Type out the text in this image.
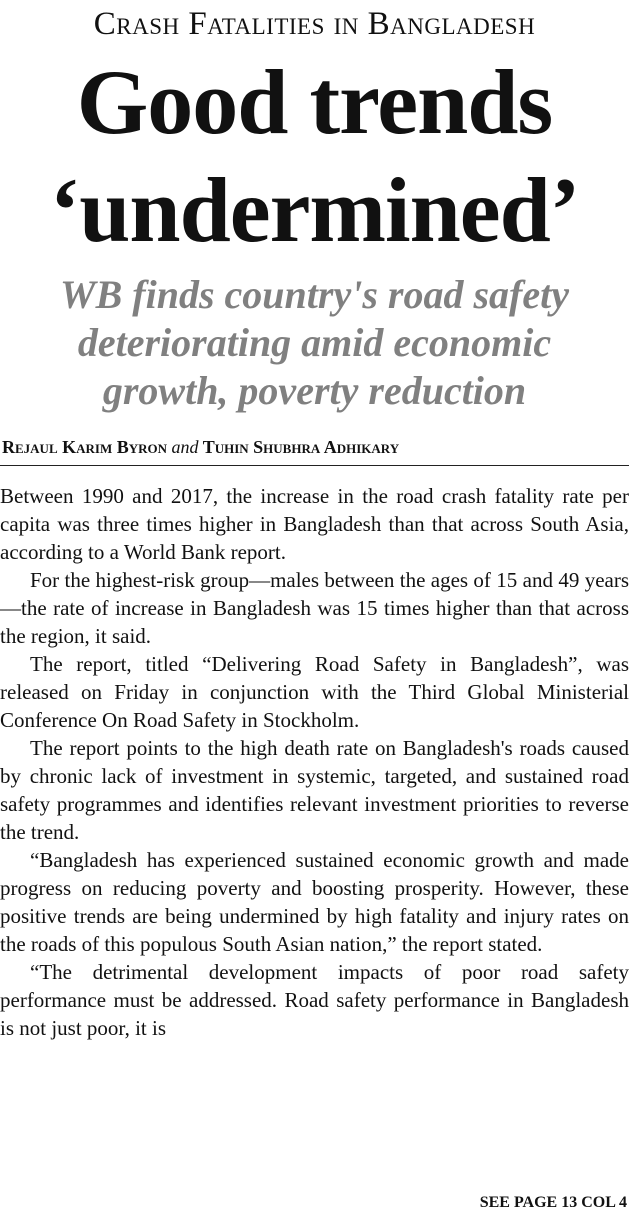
Crash Fatalities in Bangladesh
Good trends
‘undermined’
WB finds country's road safety
deteriorating amid economic
growth, poverty reduction
Rejaul Karim Byron and Tuhin Shubhra Adhikary

Between 1990 and 2017, the increase in the road crash fatality rate per capita was three times higher in Bangladesh than that across South Asia, according to a World Bank report.

For the highest-risk group—males between the ages of 15 and 49 years—the rate of increase in Bangladesh was 15 times higher than that across the region, it said.

The report, titled “Delivering Road Safety in Bangladesh”, was released on Friday in conjunction with the Third Global Ministerial Conference On Road Safety in Stockholm.

The report points to the high death rate on Bangladesh's roads caused by chronic lack of investment in systemic, targeted, and sustained road safety programmes and identifies relevant investment priorities to reverse the trend.

“Bangladesh has experienced sustained economic growth and made progress on reducing poverty and boosting prosperity. However, these positive trends are being undermined by high fatality and injury rates on the roads of this populous South Asian nation,” the report stated.

“The detrimental development impacts of poor road safety performance must be addressed. Road safety performance in Bangladesh is not just poor, it is

SEE PAGE 13 COL 4
